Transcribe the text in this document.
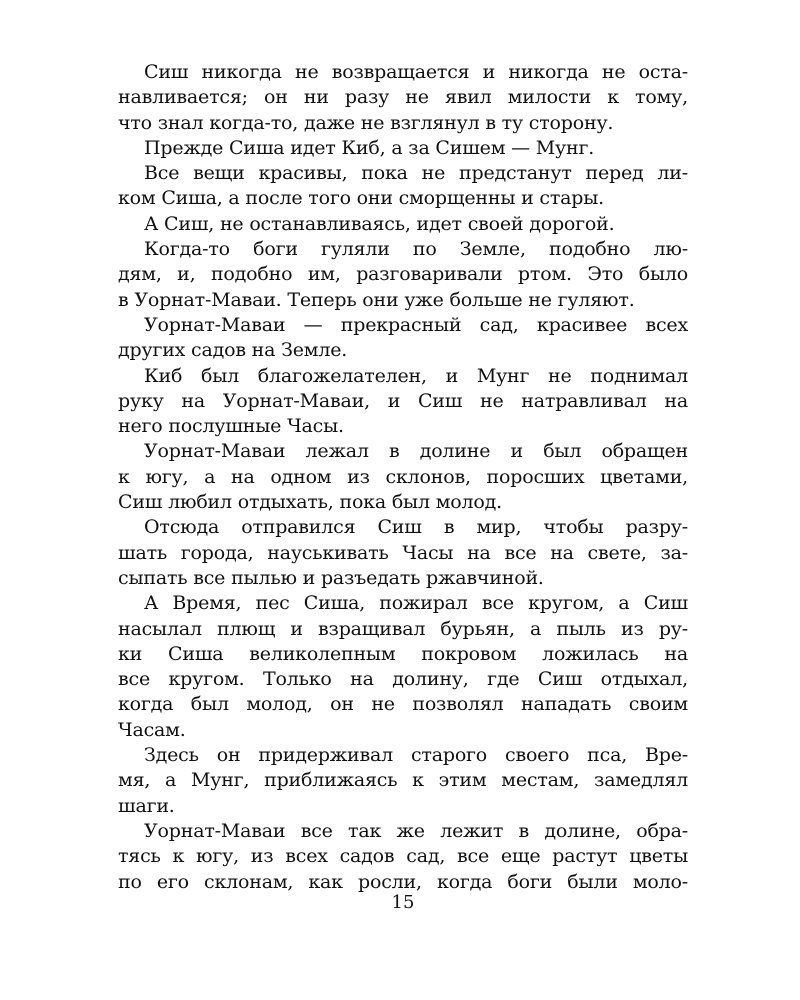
Сиш никогда не возвращается и никогда не оста-
навливается; он ни разу не явил милости к тому,
что знал когда-то, даже не взглянул в ту сторону.

Прежде Сиша идет Киб, а за Сишем — Мунг.

Все вещи красивы, пока не предстанут перед ли-
ком Сиша, а после того они сморщенны и стары.

А Сиш, не останавливаясь, идет своей дорогой.

Когда-то боги гуляли по Земле, подобно лю-
дям, и, подобно им, разговаривали ртом. Это было
в Уорнат-Маваи. Теперь они уже больше не гуляют.

Уорнат-Маваи — прекрасный сад, красивее всех
других садов на Земле.

Киб был благожелателен, и Мунг не поднимал
руку на Уорнат-Маваи, и Сиш не натравливал на
него послушные Часы.

Уорнат-Маваи лежал в долине и был обращен
к югу, а на одном из склонов, поросших цветами,
Сиш любил отдыхать, пока был молод.

Отсюда отправился Сиш в мир, чтобы разру-
шать города, науськивать Часы на все на свете, за-
сыпать все пылью и разъедать ржавчиной.

А Время, пес Сиша, пожирал все кругом, а Сиш
насылал плющ и взращивал бурьян, а пыль из ру-
ки Сиша великолепным покровом ложилась на
все кругом. Только на долину, где Сиш отдыхал,
когда был молод, он не позволял нападать своим
Часам.

Здесь он придерживал старого своего пса, Вре-
мя, а Мунг, приближаясь к этим местам, замедлял
шаги.

Уорнат-Маваи все так же лежит в долине, обра-
тясь к югу, из всех садов сад, все еще растут цветы
по его склонам, как росли, когда боги были моло-

15
